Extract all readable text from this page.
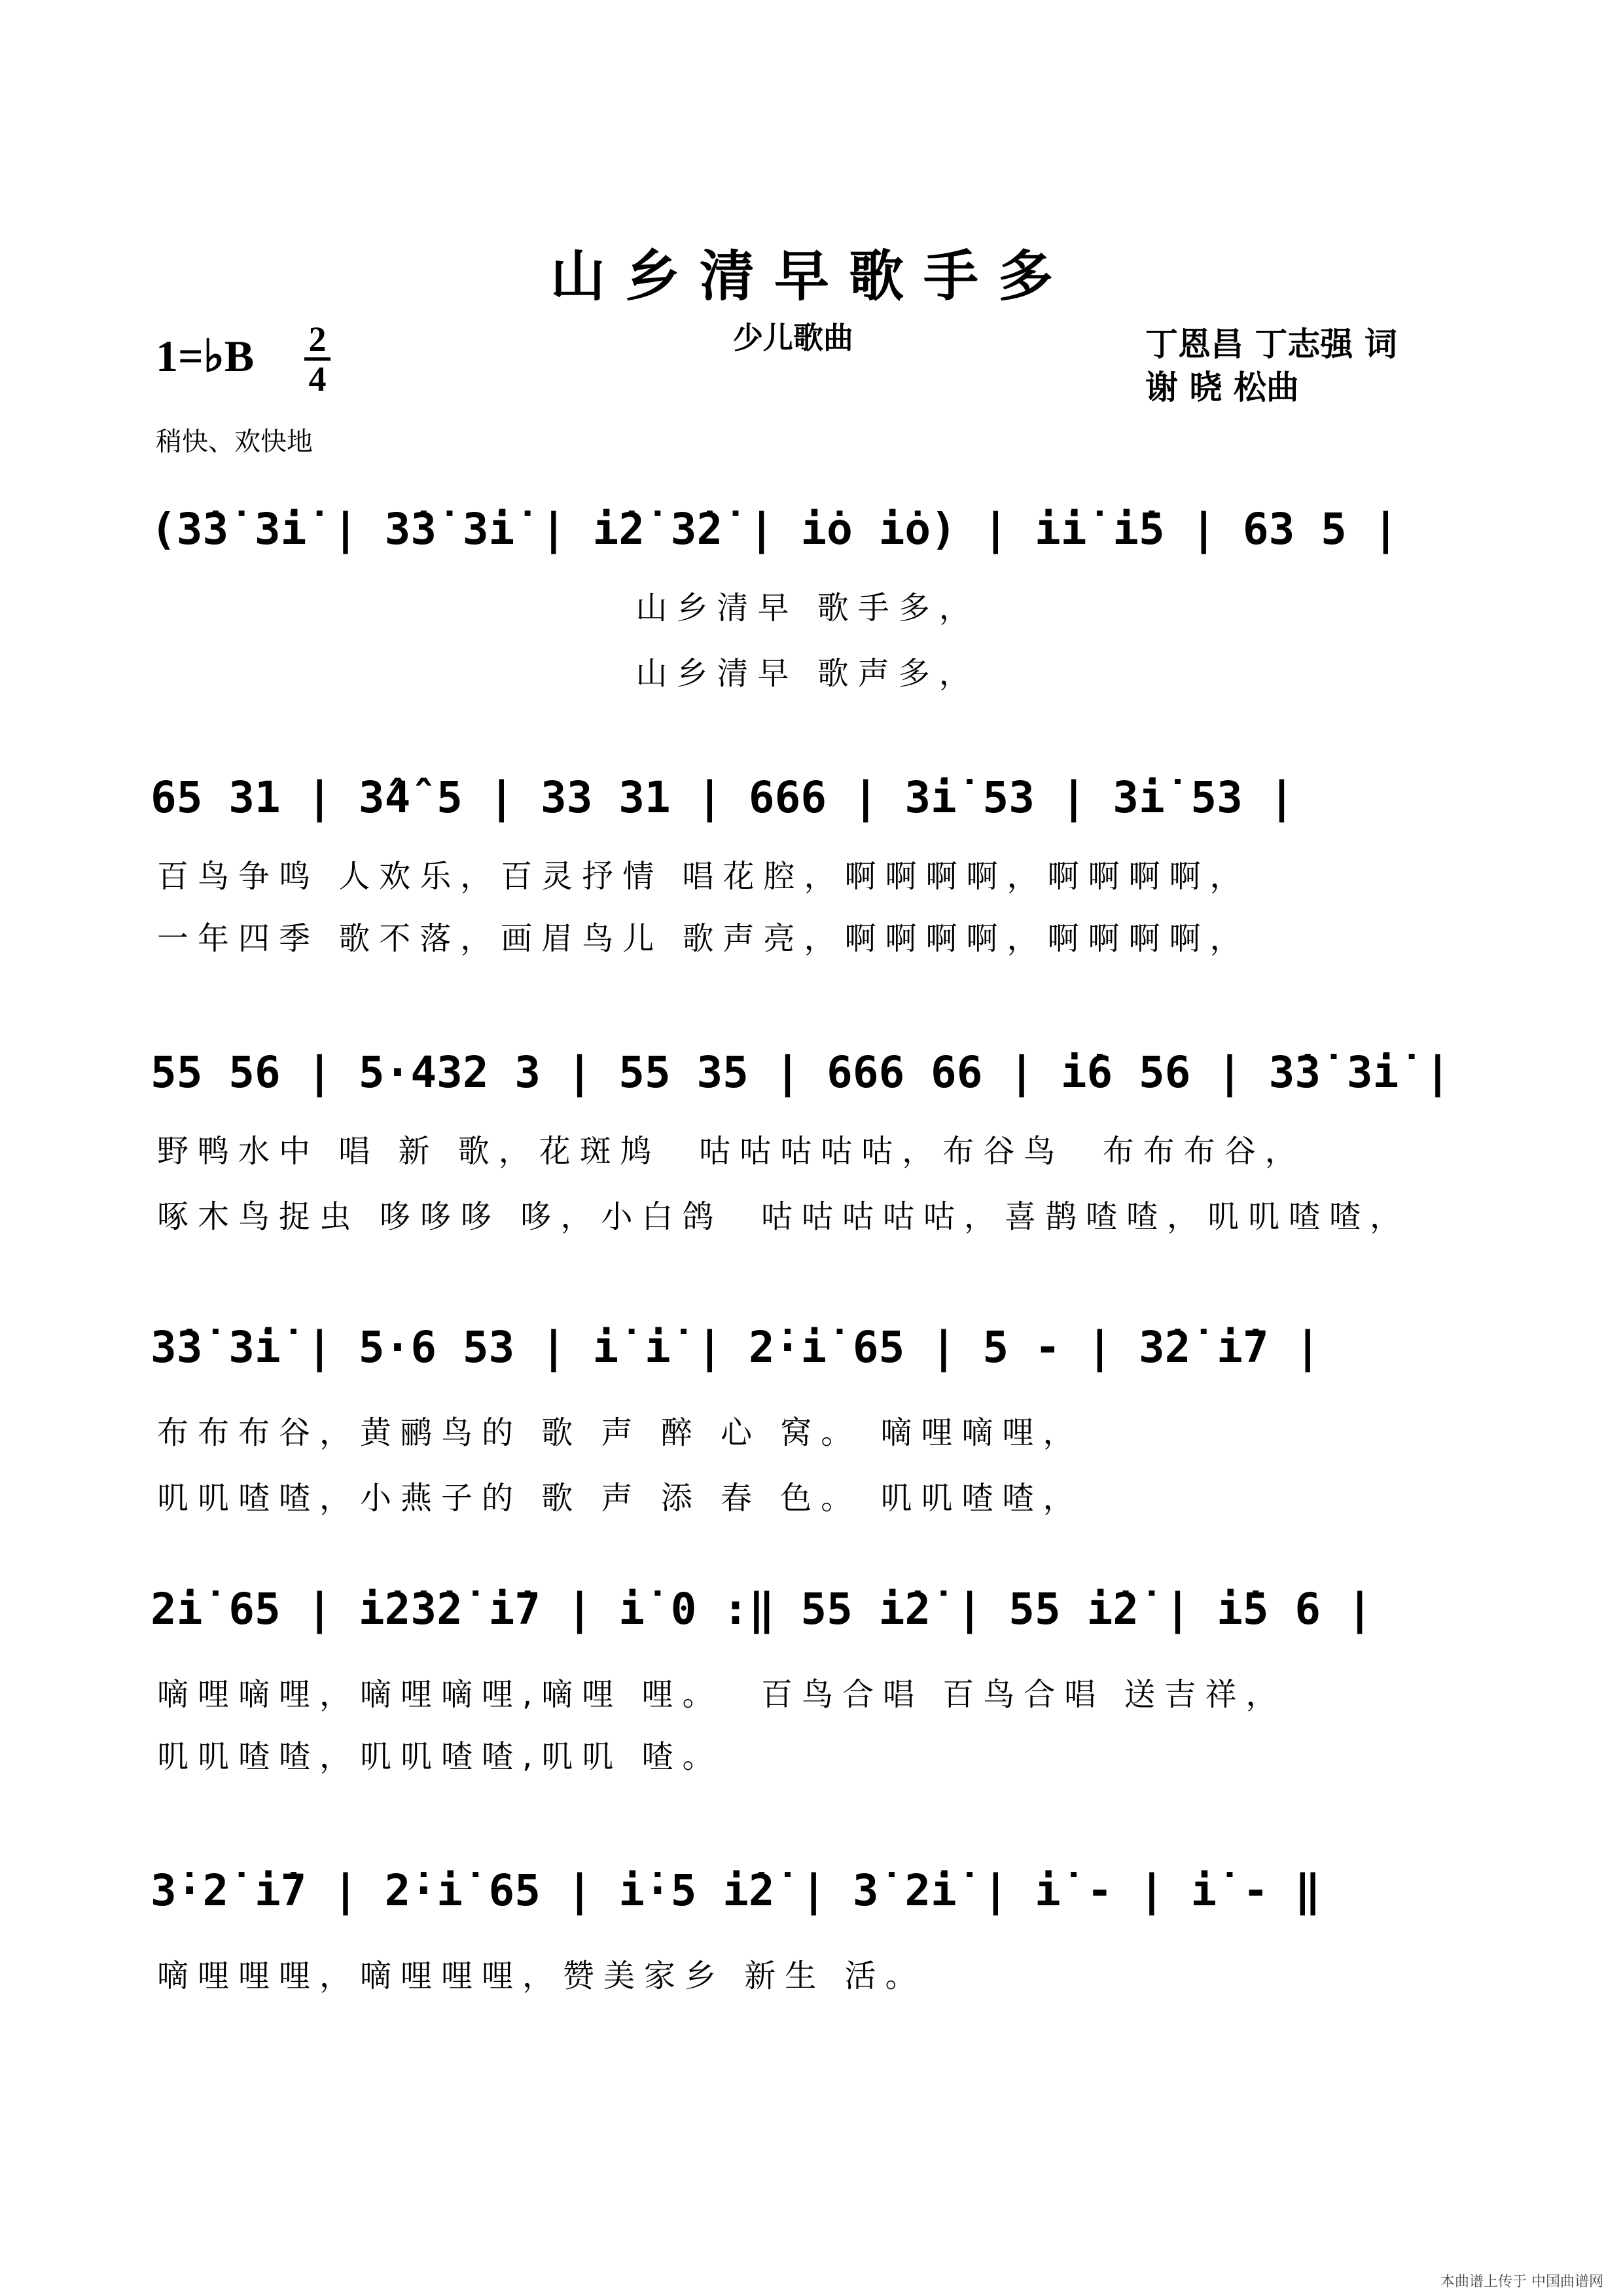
山乡清早歌手多
少儿歌曲
1=♭B 2
4
丁恩昌 丁志强 词
谢 晓 松曲
稍快、欢快地
(3̇3̇ 3̇i̇ | 3̇3̇ 3̇i̇ | i̇2̇ 3̇2̇ | i̇o i̇o) | i̇i̇ i̇5 | 63 5 |
山乡清早 歌手多，
山乡清早 歌声多，
65 31 | 3̂4̂ 5 | 33 31 | 666 | 3̇i̇ 53 | 3̇i̇ 53 |
百鸟争鸣 人欢乐，百灵抒情 唱花腔，啊啊啊啊，啊啊啊啊，
一年四季 歌不落，画眉鸟儿 歌声亮，啊啊啊啊，啊啊啊啊，
55 56 | 5·432 3 | 55 35 | 666 66 | i̇6 56 | 3̇3̇ 3̇i̇ |
野鸭水中 唱 新 歌，花斑鸠  咕咕咕咕咕，布谷鸟  布布布谷，
啄木鸟捉虫 哆哆哆 哆，小白鸽  咕咕咕咕咕，喜鹊喳喳，叽叽喳喳，
3̇3̇ 3̇i̇ | 5·6 53 | i̇ i̇ | 2̇·i̇ 65 | 5 - | 3̇2̇ i̇7 |
布布布谷，黄鹂鸟的 歌 声 醉 心 窝。 嘀哩嘀哩，
叽叽喳喳，小燕子的 歌 声 添 春 色。 叽叽喳喳，
2̇i̇ 65 | i̇2̇3̇2̇ i̇7 | i̇ 0 :‖ 55 i̇2̇ | 55 i̇2̇ | i̇5 6 |
嘀哩嘀哩，嘀哩嘀哩,嘀哩 哩。  百鸟合唱 百鸟合唱 送吉祥，
叽叽喳喳，叽叽喳喳,叽叽 喳。
3̇·2̇ i̇7 | 2̇·i̇ 65 | i̇·5 i̇2̇ | 3̇ 2̇i̇ | i̇ - | i̇ - ‖
嘀哩哩哩，嘀哩哩哩，赞美家乡 新生 活。
本曲谱上传于 中国曲谱网
